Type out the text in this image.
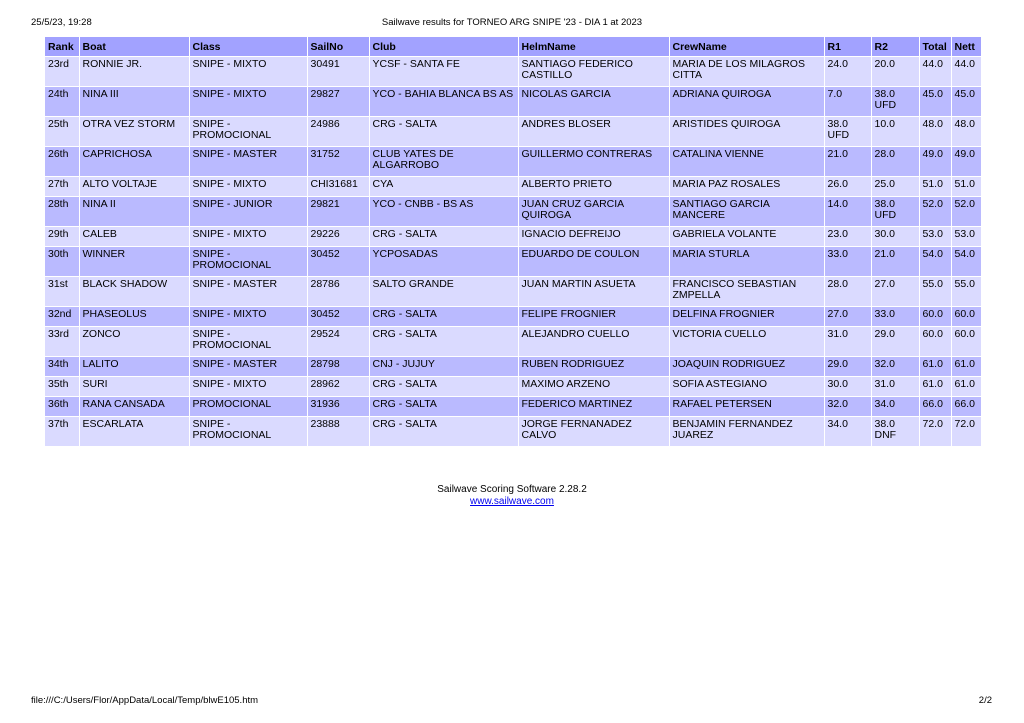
25/5/23, 19:28	Sailwave results for TORNEO ARG SNIPE '23 - DIA 1 at 2023
Rank	Boat	Class	SailNo	Club	HelmName	CrewName	R1	R2	Total	Nett
23rd	RONNIE JR.	SNIPE - MIXTO	30491	YCSF - SANTA FE	SANTIAGO FEDERICO CASTILLO	MARIA DE LOS MILAGROS CITTA	24.0	20.0	44.0	44.0
24th	NINA III	SNIPE - MIXTO	29827	YCO - BAHIA BLANCA BS AS	NICOLAS GARCIA	ADRIANA QUIROGA	7.0	38.0 UFD	45.0	45.0
25th	OTRA VEZ STORM	SNIPE - PROMOCIONAL	24986	CRG - SALTA	ANDRES BLOSER	ARISTIDES QUIROGA	38.0 UFD	10.0	48.0	48.0
26th	CAPRICHOSA	SNIPE - MASTER	31752	CLUB YATES DE ALGARROBO	GUILLERMO CONTRERAS	CATALINA VIENNE	21.0	28.0	49.0	49.0
27th	ALTO VOLTAJE	SNIPE - MIXTO	CHI31681	CYA	ALBERTO PRIETO	MARIA PAZ ROSALES	26.0	25.0	51.0	51.0
28th	NINA II	SNIPE - JUNIOR	29821	YCO - CNBB - BS AS	JUAN CRUZ GARCIA QUIROGA	SANTIAGO GARCIA MANCERE	14.0	38.0 UFD	52.0	52.0
29th	CALEB	SNIPE - MIXTO	29226	CRG - SALTA	IGNACIO DEFREIJO	GABRIELA VOLANTE	23.0	30.0	53.0	53.0
30th	WINNER	SNIPE - PROMOCIONAL	30452	YCPOSADAS	EDUARDO DE COULON	MARIA STURLA	33.0	21.0	54.0	54.0
31st	BLACK SHADOW	SNIPE - MASTER	28786	SALTO GRANDE	JUAN MARTIN ASUETA	FRANCISCO SEBASTIAN ZMPELLA	28.0	27.0	55.0	55.0
32nd	PHASEOLUS	SNIPE - MIXTO	30452	CRG - SALTA	FELIPE FROGNIER	DELFINA FROGNIER	27.0	33.0	60.0	60.0
33rd	ZONCO	SNIPE - PROMOCIONAL	29524	CRG - SALTA	ALEJANDRO CUELLO	VICTORIA CUELLO	31.0	29.0	60.0	60.0
34th	LALITO	SNIPE - MASTER	28798	CNJ - JUJUY	RUBEN RODRIGUEZ	JOAQUIN RODRIGUEZ	29.0	32.0	61.0	61.0
35th	SURI	SNIPE - MIXTO	28962	CRG - SALTA	MAXIMO ARZENO	SOFIA ASTEGIANO	30.0	31.0	61.0	61.0
36th	RANA CANSADA	PROMOCIONAL	31936	CRG - SALTA	FEDERICO MARTINEZ	RAFAEL PETERSEN	32.0	34.0	66.0	66.0
37th	ESCARLATA	SNIPE - PROMOCIONAL	23888	CRG - SALTA	JORGE FERNANADEZ CALVO	BENJAMIN FERNANDEZ JUAREZ	34.0	38.0 DNF	72.0	72.0
Sailwave Scoring Software 2.28.2
www.sailwave.com
file:///C:/Users/Flor/AppData/Local/Temp/blwE105.htm	2/2
